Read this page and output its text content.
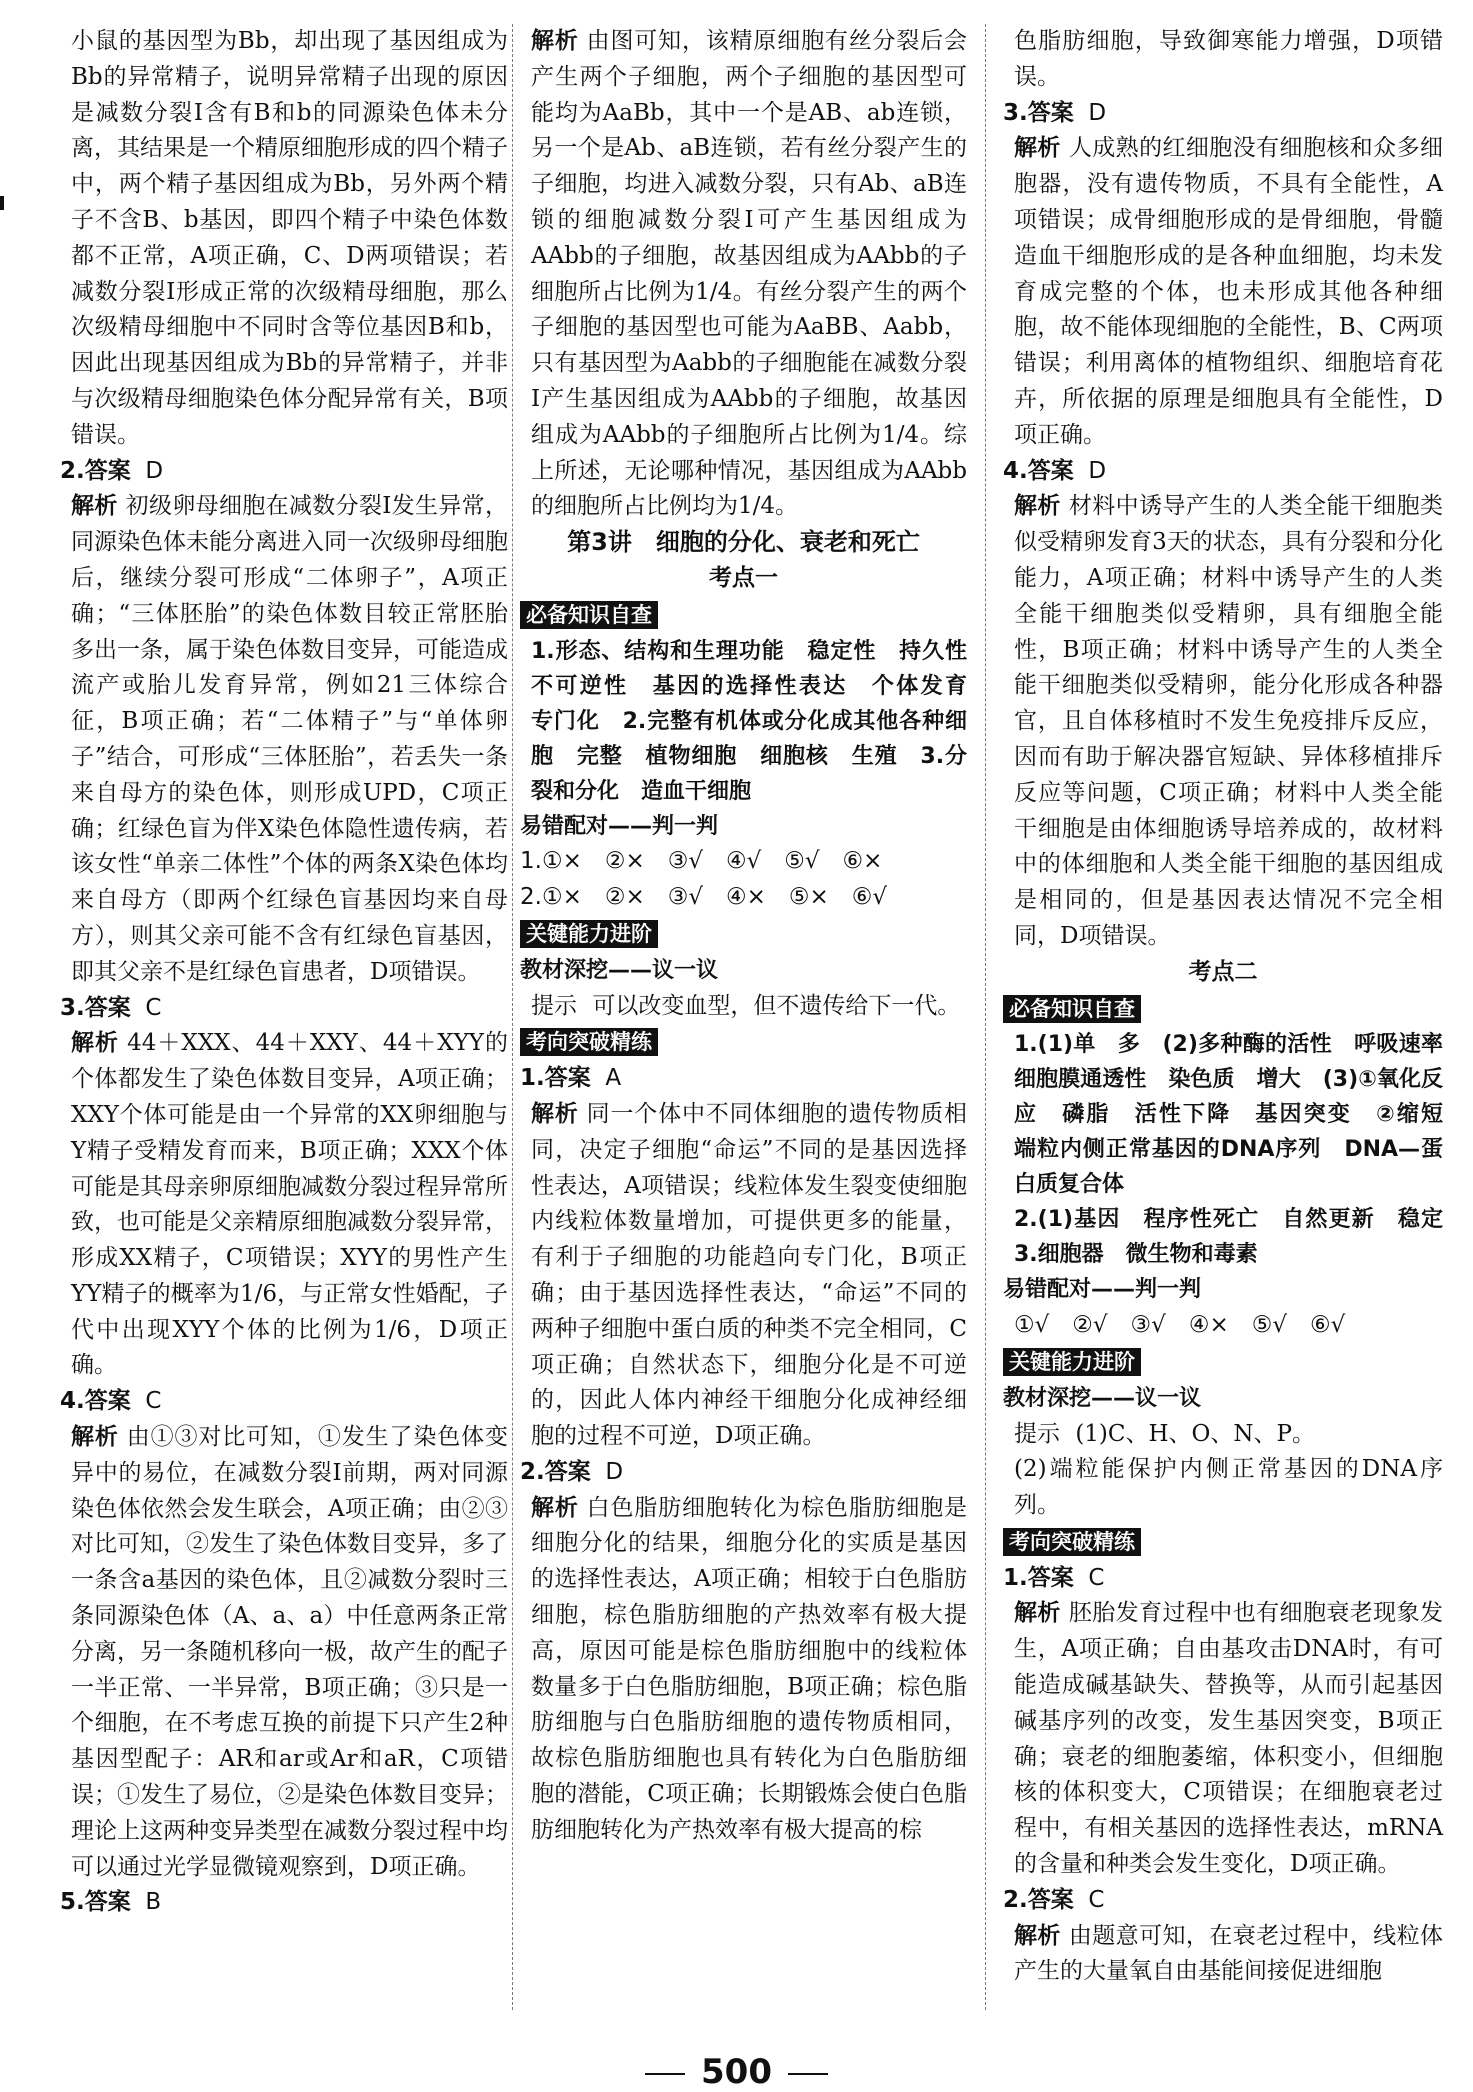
小鼠的基因型为Bb，却出现了基因组成为Bb的异常精子，说明异常精子出现的原因是减数分裂Ⅰ含有B和b的同源染色体未分离，其结果是一个精原细胞形成的四个精子中，两个精子基因组成为Bb，另外两个精子不含B、b基因，即四个精子中染色体数都不正常，A项正确，C、D两项错误；若减数分裂Ⅰ形成正常的次级精母细胞，那么次级精母细胞中不同时含等位基因B和b，因此出现基因组成为Bb的异常精子，并非与次级精母细胞染色体分配异常有关，B项错误。

2.答案 D

解析 初级卵母细胞在减数分裂Ⅰ发生异常，同源染色体未能分离进入同一次级卵母细胞后，继续分裂可形成“二体卵子”，A项正确；“三体胚胎”的染色体数目较正常胚胎多出一条，属于染色体数目变异，可能造成流产或胎儿发育异常，例如21三体综合征，B项正确；若“二体精子”与“单体卵子”结合，可形成“三体胚胎”，若丢失一条来自母方的染色体，则形成UPD，C项正确；红绿色盲为伴X染色体隐性遗传病，若该女性“单亲二体性”个体的两条X染色体均来自母方（即两个红绿色盲基因均来自母方），则其父亲可能不含有红绿色盲基因，即其父亲不是红绿色盲患者，D项错误。

3.答案 C

解析 44＋XXX、44＋XXY、44＋XYY的个体都发生了染色体数目变异，A项正确；XXY个体可能是由一个异常的XX卵细胞与Y精子受精发育而来，B项正确；XXX个体可能是其母亲卵原细胞减数分裂过程异常所致，也可能是父亲精原细胞减数分裂异常，形成XX精子，C项错误；XYY的男性产生YY精子的概率为1/6，与正常女性婚配，子代中出现XYY个体的比例为1/6，D项正确。

4.答案 C

解析 由①③对比可知，①发生了染色体变异中的易位，在减数分裂Ⅰ前期，两对同源染色体依然会发生联会，A项正确；由②③对比可知，②发生了染色体数目变异，多了一条含a基因的染色体，且②减数分裂时三条同源染色体（A、a、a）中任意两条正常分离，另一条随机移向一极，故产生的配子一半正常、一半异常，B项正确；③只是一个细胞，在不考虑互换的前提下只产生2种基因型配子：AR和ar或Ar和aR，C项错误；①发生了易位，②是染色体数目变异；理论上这两种变异类型在减数分裂过程中均可以通过光学显微镜观察到，D项正确。

5.答案 B

解析 由图可知，该精原细胞有丝分裂后会产生两个子细胞，两个子细胞的基因型可能均为AaBb，其中一个是AB、ab连锁，另一个是Ab、aB连锁，若有丝分裂产生的子细胞，均进入减数分裂，只有Ab、aB连锁的细胞减数分裂Ⅰ可产生基因组成为AAbb的子细胞，故基因组成为AAbb的子细胞所占比例为1/4。有丝分裂产生的两个子细胞的基因型也可能为AaBB、Aabb，只有基因型为Aabb的子细胞能在减数分裂Ⅰ产生基因组成为AAbb的子细胞，故基因组成为AAbb的子细胞所占比例为1/4。综上所述，无论哪种情况，基因组成为AAbb的细胞所占比例均为1/4。

第3讲　细胞的分化、衰老和死亡
考点一
必备知识自查

1.形态、结构和生理功能　稳定性　持久性　不可逆性　基因的选择性表达　个体发育　专门化　2.完整有机体或分化成其他各种细胞　完整　植物细胞　细胞核　生殖　3.分裂和分化　造血干细胞

易错配对——判一判
1.①×　②×　③√　④√　⑤√　⑥×
2.①×　②×　③√　④×　⑤×　⑥√
关键能力进阶
教材深挖——议一议

提示 可以改变血型，但不遗传给下一代。

考向突破精练
1.答案 A

解析 同一个体中不同体细胞的遗传物质相同，决定子细胞“命运”不同的是基因选择性表达，A项错误；线粒体发生裂变使细胞内线粒体数量增加，可提供更多的能量，有利于子细胞的功能趋向专门化，B项正确；由于基因选择性表达，“命运”不同的两种子细胞中蛋白质的种类不完全相同，C项正确；自然状态下，细胞分化是不可逆的，因此人体内神经干细胞分化成神经细胞的过程不可逆，D项正确。

2.答案 D

解析 白色脂肪细胞转化为棕色脂肪细胞是细胞分化的结果，细胞分化的实质是基因的选择性表达，A项正确；相较于白色脂肪细胞，棕色脂肪细胞的产热效率有极大提高，原因可能是棕色脂肪细胞中的线粒体数量多于白色脂肪细胞，B项正确；棕色脂肪细胞与白色脂肪细胞的遗传物质相同，故棕色脂肪细胞也具有转化为白色脂肪细胞的潜能，C项正确；长期锻炼会使白色脂肪细胞转化为产热效率有极大提高的棕

色脂肪细胞，导致御寒能力增强，D项错误。

3.答案 D

解析 人成熟的红细胞没有细胞核和众多细胞器，没有遗传物质，不具有全能性，A项错误；成骨细胞形成的是骨细胞，骨髓造血干细胞形成的是各种血细胞，均未发育成完整的个体，也未形成其他各种细胞，故不能体现细胞的全能性，B、C两项错误；利用离体的植物组织、细胞培育花卉，所依据的原理是细胞具有全能性，D项正确。

4.答案 D

解析 材料中诱导产生的人类全能干细胞类似受精卵发育3天的状态，具有分裂和分化能力，A项正确；材料中诱导产生的人类全能干细胞类似受精卵，具有细胞全能性，B项正确；材料中诱导产生的人类全能干细胞类似受精卵，能分化形成各种器官，且自体移植时不发生免疫排斥反应，因而有助于解决器官短缺、异体移植排斥反应等问题，C项正确；材料中人类全能干细胞是由体细胞诱导培养成的，故材料中的体细胞和人类全能干细胞的基因组成是相同的，但是基因表达情况不完全相同，D项错误。

考点二
必备知识自查

1.(1)单　多　(2)多种酶的活性　呼吸速率　细胞膜通透性　染色质　增大　(3)①氧化反应　磷脂　活性下降　基因突变　②缩短　端粒内侧正常基因的DNA序列　DNA—蛋白质复合体

2.(1)基因　程序性死亡　自然更新　稳定　3.细胞器　微生物和毒素

易错配对——判一判
①√　②√　③√　④×　⑤√　⑥√
关键能力进阶
教材深挖——议一议

提示 (1)C、H、O、N、P。

(2)端粒能保护内侧正常基因的DNA序列。

考向突破精练
1.答案 C

解析 胚胎发育过程中也有细胞衰老现象发生，A项正确；自由基攻击DNA时，有可能造成碱基缺失、替换等，从而引起基因碱基序列的改变，发生基因突变，B项正确；衰老的细胞萎缩，体积变小，但细胞核的体积变大，C项错误；在细胞衰老过程中，有相关基因的选择性表达，mRNA的含量和种类会发生变化，D项正确。

2.答案 C

解析 由题意可知，在衰老过程中，线粒体产生的大量氧自由基能间接促进细胞

500
